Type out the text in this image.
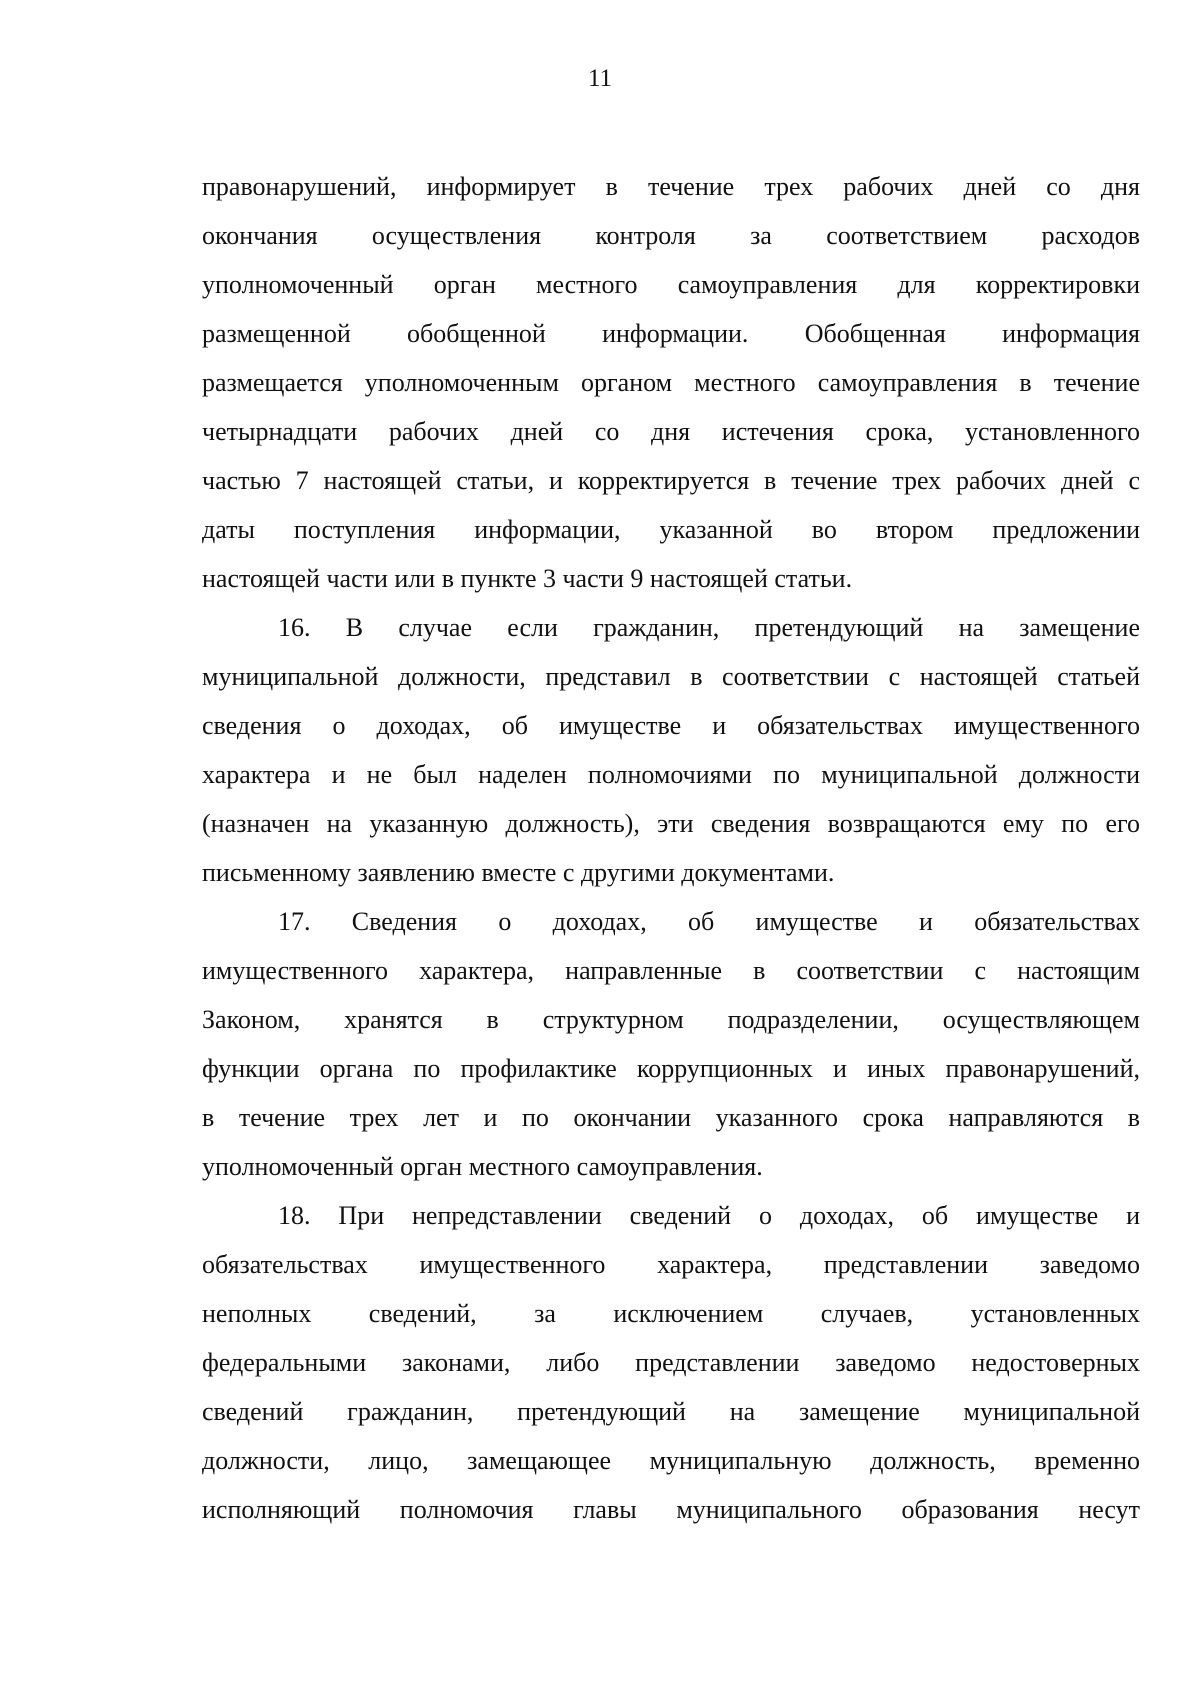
11
правонарушений, информирует в течение трех рабочих дней со дня
окончания осуществления контроля за соответствием расходов
уполномоченный орган местного самоуправления для корректировки
размещенной обобщенной информации. Обобщенная информация
размещается уполномоченным органом местного самоуправления в течение
четырнадцати рабочих дней со дня истечения срока, установленного
частью 7 настоящей статьи, и корректируется в течение трех рабочих дней с
даты поступления информации, указанной во втором предложении
настоящей части или в пункте 3 части 9 настоящей статьи.
16. В случае если гражданин, претендующий на замещение
муниципальной должности, представил в соответствии с настоящей статьей
сведения о доходах, об имуществе и обязательствах имущественного
характера и не был наделен полномочиями по муниципальной должности
(назначен на указанную должность), эти сведения возвращаются ему по его
письменному заявлению вместе с другими документами.
17. Сведения о доходах, об имуществе и обязательствах
имущественного характера, направленные в соответствии с настоящим
Законом, хранятся в структурном подразделении, осуществляющем
функции органа по профилактике коррупционных и иных правонарушений,
в течение трех лет и по окончании указанного срока направляются в
уполномоченный орган местного самоуправления.
18. При непредставлении сведений о доходах, об имуществе и
обязательствах имущественного характера, представлении заведомо
неполных сведений, за исключением случаев, установленных
федеральными законами, либо представлении заведомо недостоверных
сведений гражданин, претендующий на замещение муниципальной
должности, лицо, замещающее муниципальную должность, временно
исполняющий полномочия главы муниципального образования несут
